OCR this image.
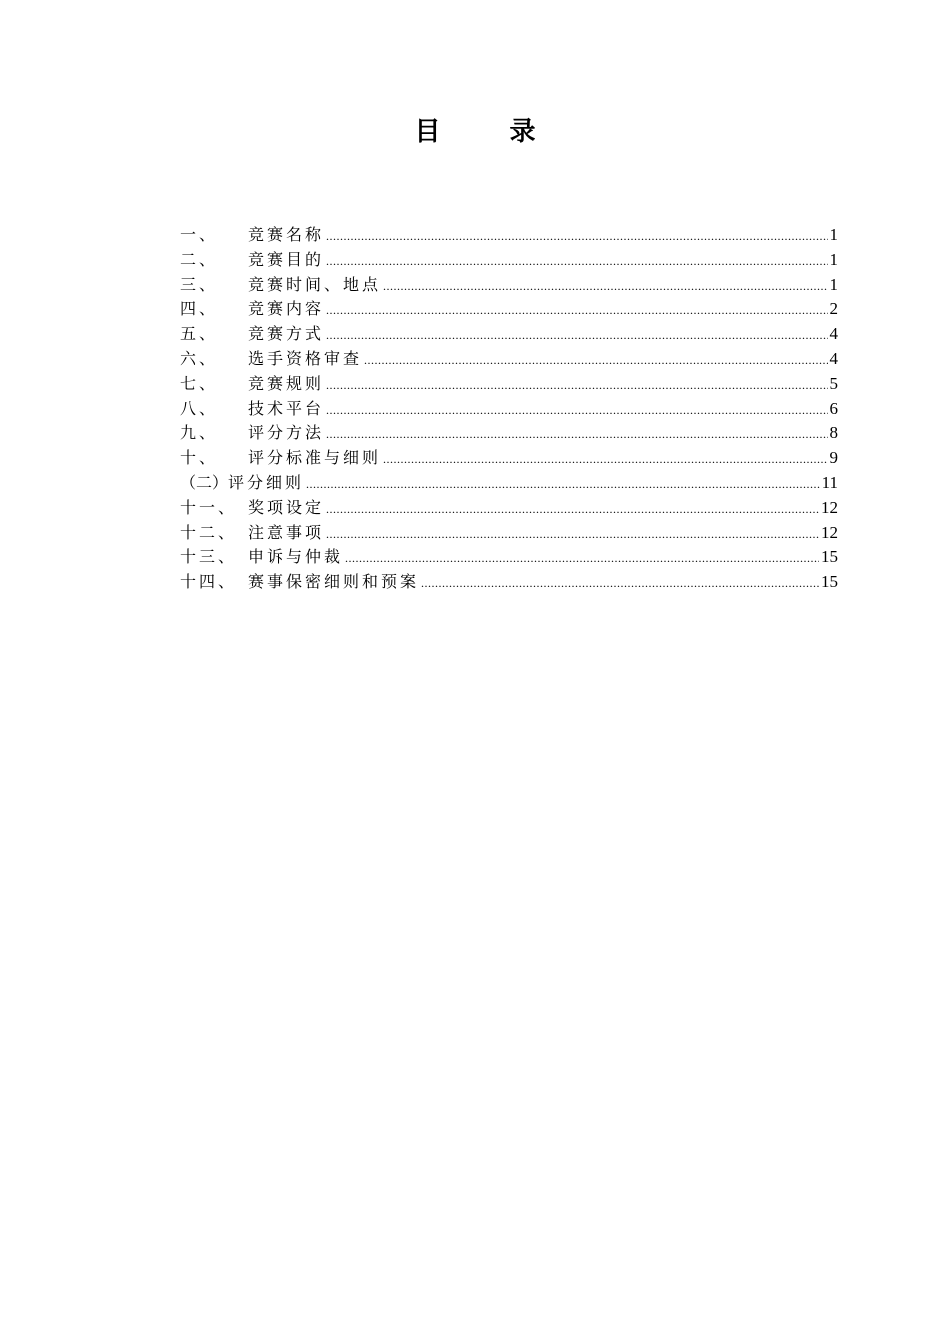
目 录
一、	竞赛名称 .....	1
二、	竞赛目的 .....	1
三、	竞赛时间、地点 .....	1
四、	竞赛内容 .....	2
五、	竞赛方式 .....	4
六、	选手资格审查 .....	4
七、	竞赛规则 .....	5
八、	技术平台 .....	6
九、	评分方法 .....	8
十、	评分标准与细则 .....	9
（二） 评分细则 .....	11
十一、 奖项设定 .....	12
十二、 注意事项 .....	12
十三、 申诉与仲裁 .....	15
十四、 赛事保密细则和预案 .....	15
